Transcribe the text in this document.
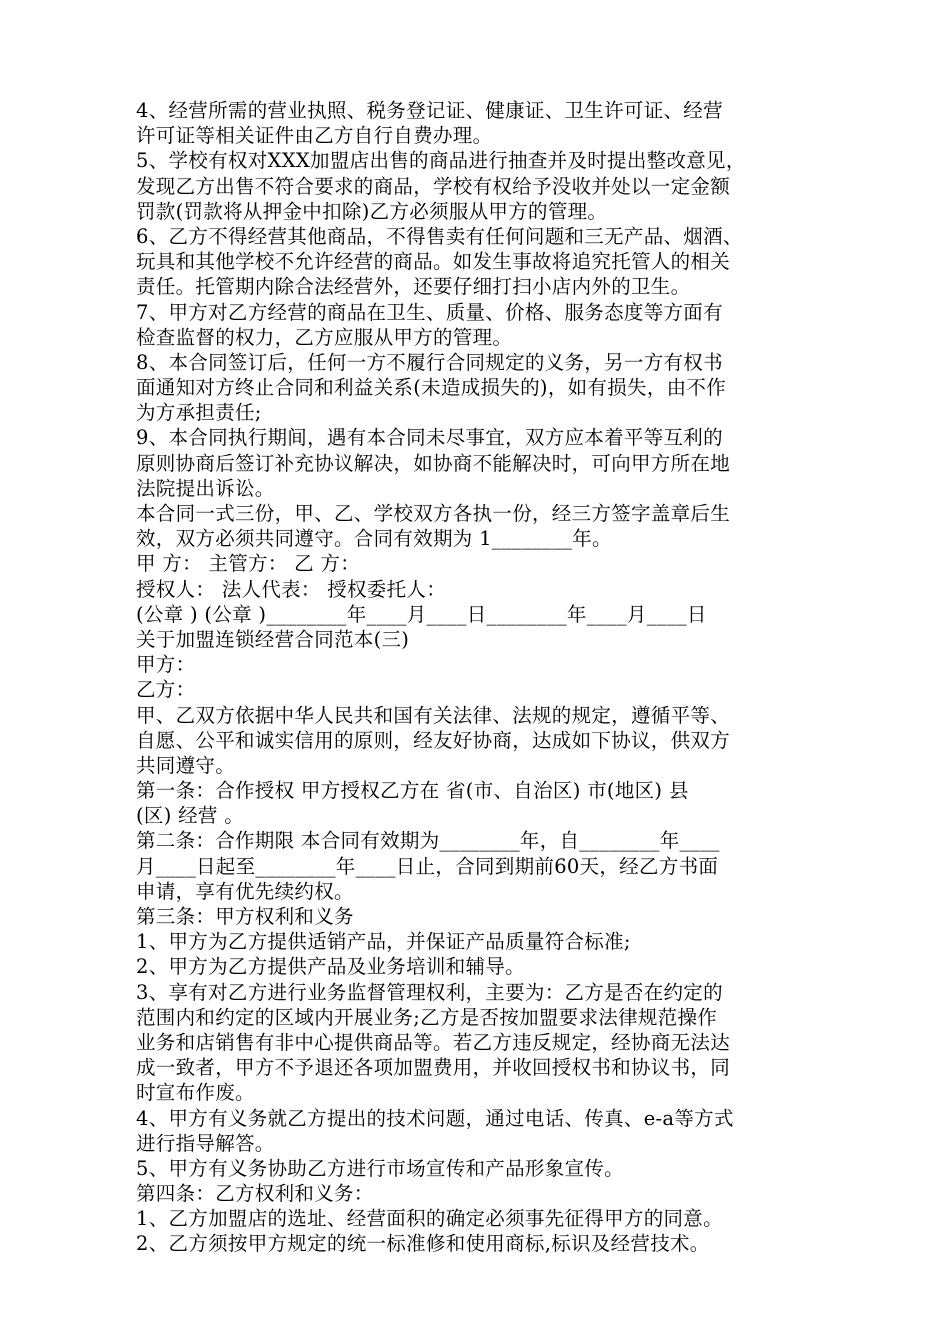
4、经营所需的营业执照、税务登记证、健康证、卫生许可证、经营
许可证等相关证件由乙方自行自费办理。
5、学校有权对XXX加盟店出售的商品进行抽查并及时提出整改意见，
发现乙方出售不符合要求的商品，学校有权给予没收并处以一定金额
罚款(罚款将从押金中扣除)乙方必须服从甲方的管理。
6、乙方不得经营其他商品，不得售卖有任何问题和三无产品、烟酒、
玩具和其他学校不允许经营的商品。如发生事故将追究托管人的相关
责任。托管期内除合法经营外，还要仔细打扫小店内外的卫生。
7、甲方对乙方经营的商品在卫生、质量、价格、服务态度等方面有
检查监督的权力，乙方应服从甲方的管理。
8、本合同签订后，任何一方不履行合同规定的义务，另一方有权书
面通知对方终止合同和利益关系(未造成损失的)，如有损失，由不作
为方承担责任;
9、本合同执行期间，遇有本合同未尽事宜，双方应本着平等互利的
原则协商后签订补充协议解决，如协商不能解决时，可向甲方所在地
法院提出诉讼。
本合同一式三份，甲、乙、学校双方各执一份，经三方签字盖章后生
效，双方必须共同遵守。合同有效期为 1________年。
甲 方： 主管方： 乙 方：
授权人： 法人代表： 授权委托人：
(公章 ) (公章 )________年____月____日________年____月____日
关于加盟连锁经营合同范本(三)
甲方：
乙方：
甲、乙双方依据中华人民共和国有关法律、法规的规定，遵循平等、
自愿、公平和诚实信用的原则，经友好协商，达成如下协议，供双方
共同遵守。
第一条：合作授权 甲方授权乙方在 省(市、自治区) 市(地区) 县
(区) 经营 。
第二条：合作期限 本合同有效期为________年，自________年____
月____日起至________年____日止，合同到期前60天，经乙方书面
申请，享有优先续约权。
第三条：甲方权利和义务
1、甲方为乙方提供适销产品，并保证产品质量符合标准;
2、甲方为乙方提供产品及业务培训和辅导。
3、享有对乙方进行业务监督管理权利，主要为：乙方是否在约定的
范围内和约定的区域内开展业务;乙方是否按加盟要求法律规范操作
业务和店销售有非中心提供商品等。若乙方违反规定，经协商无法达
成一致者，甲方不予退还各项加盟费用，并收回授权书和协议书，同
时宣布作废。
4、甲方有义务就乙方提出的技术问题，通过电话、传真、e-a等方式
进行指导解答。
5、甲方有义务协助乙方进行市场宣传和产品形象宣传。
第四条：乙方权利和义务：
1、乙方加盟店的选址、经营面积的确定必须事先征得甲方的同意。
2、乙方须按甲方规定的统一标准修和使用商标,标识及经营技术。
